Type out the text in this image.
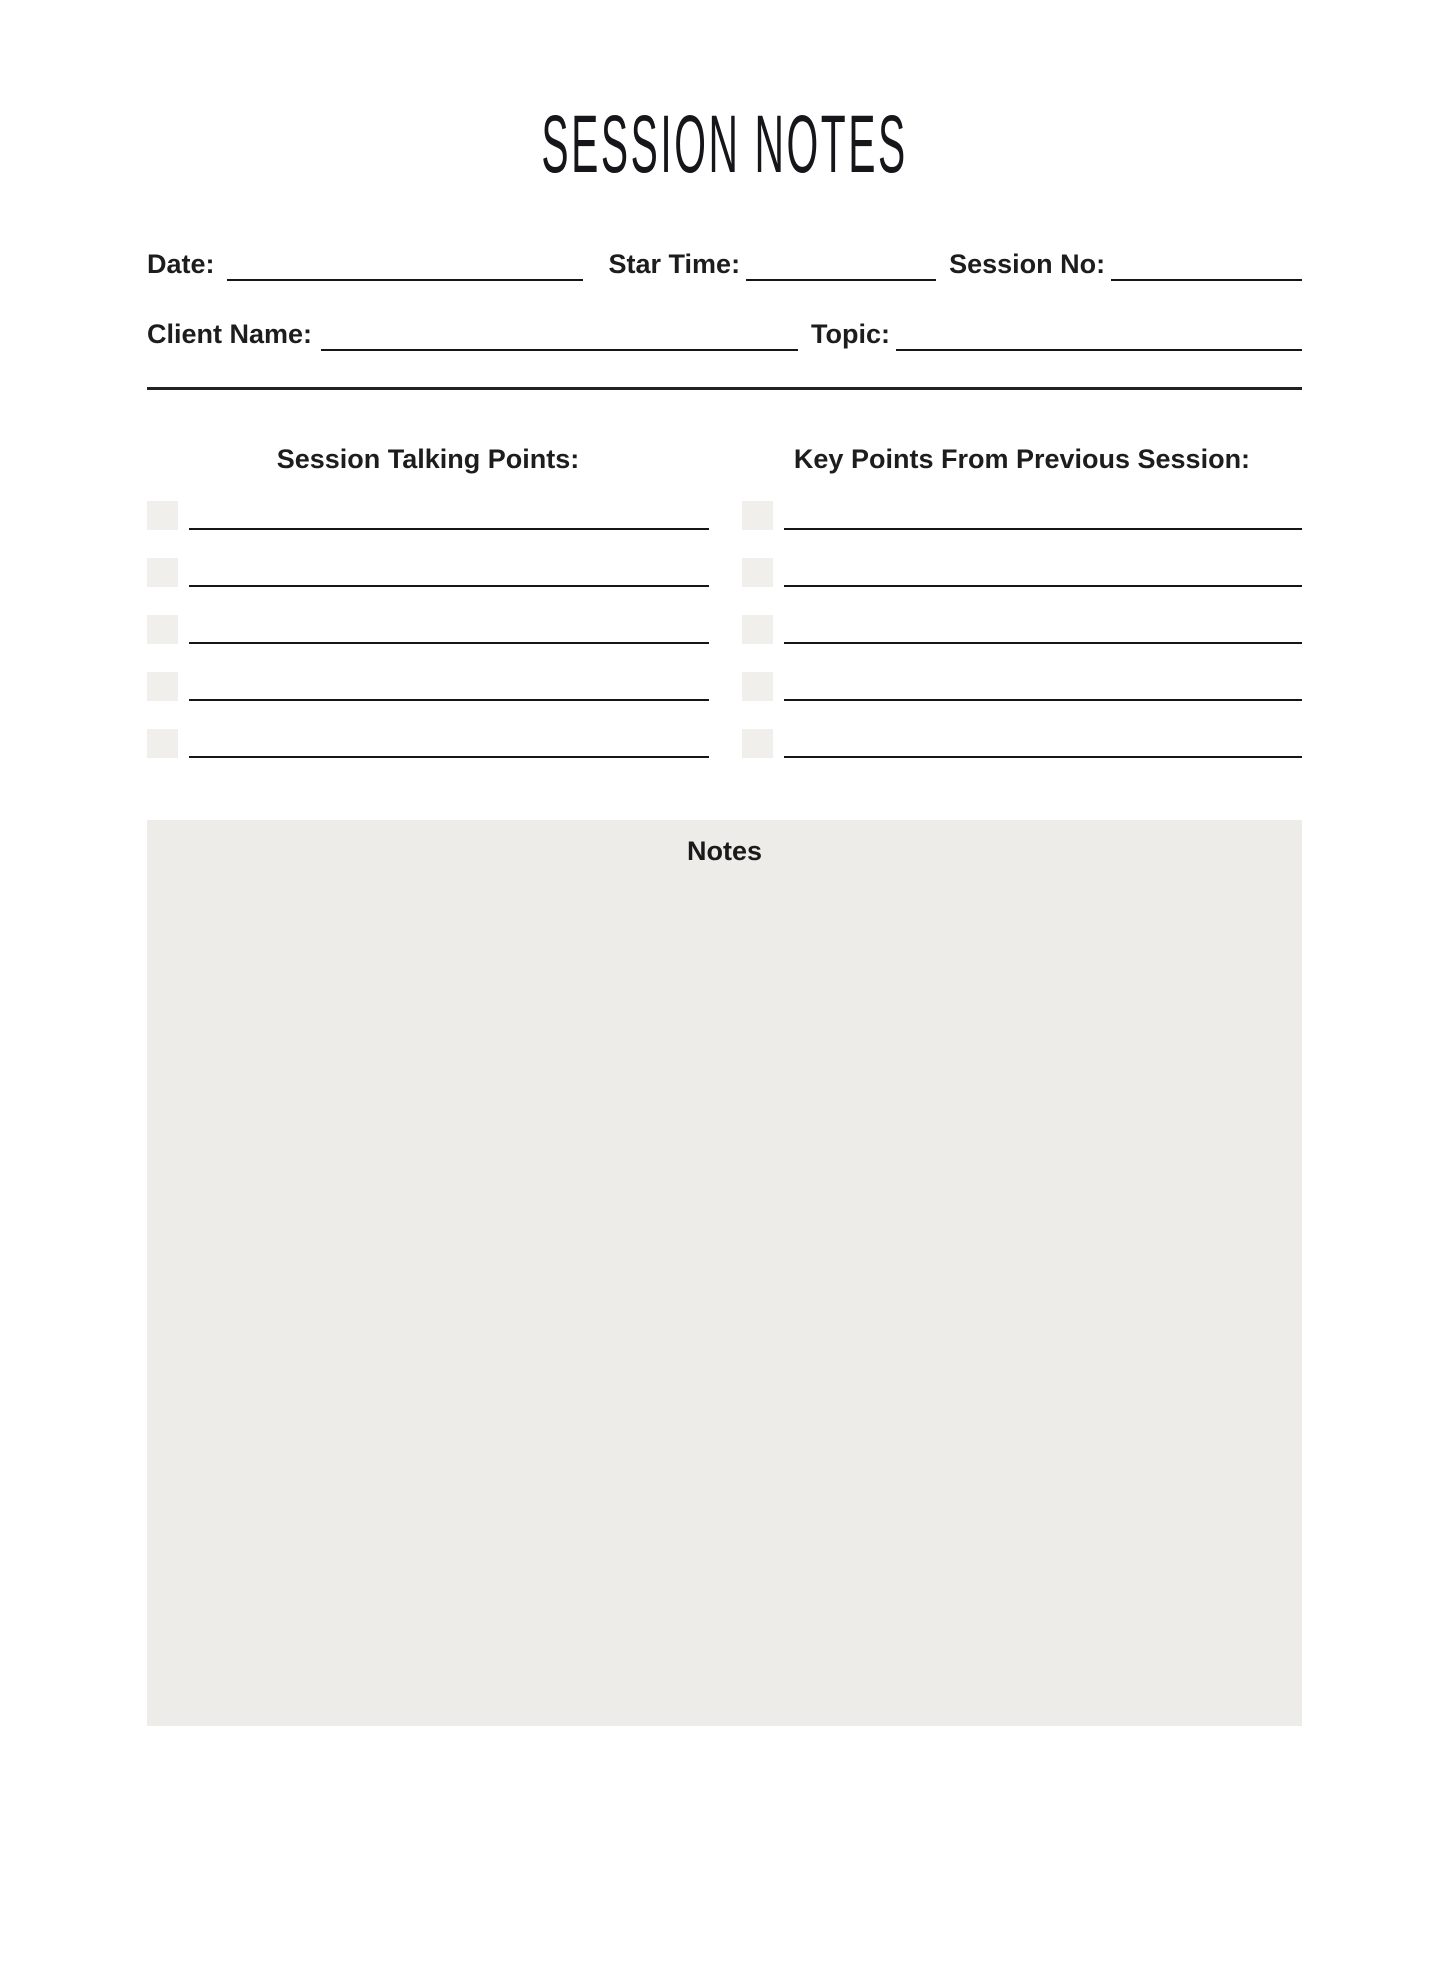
SESSION NOTES
Date:	Star Time:	Session No:
Client Name:	Topic:
Session Talking Points:	Key Points From Previous Session:
Notes
